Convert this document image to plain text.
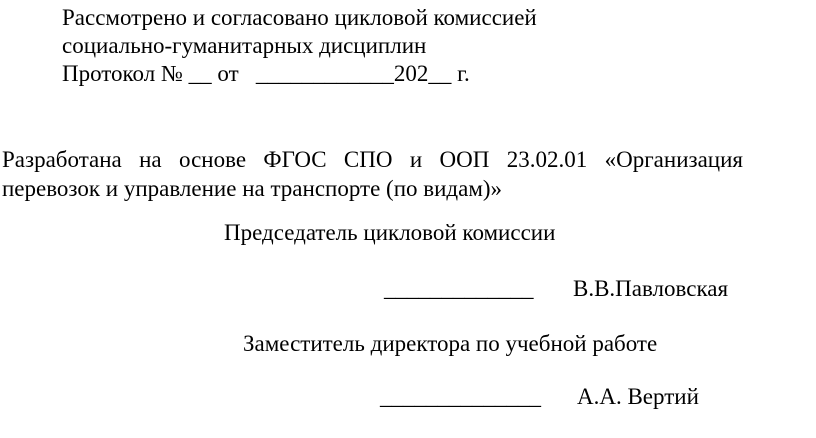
Рассмотрено и согласовано цикловой комиссией
социально-гуманитарных дисциплин
Протокол № __ от   ____________202__ г.
Разработана на основе ФГОС СПО и ООП 23.02.01 «Организация
перевозок и управление на транспорте (по видам)»
Председатель цикловой комиссии
_____________ В.В.Павловская
Заместитель директора по учебной работе
______________ А.А. Вертий
